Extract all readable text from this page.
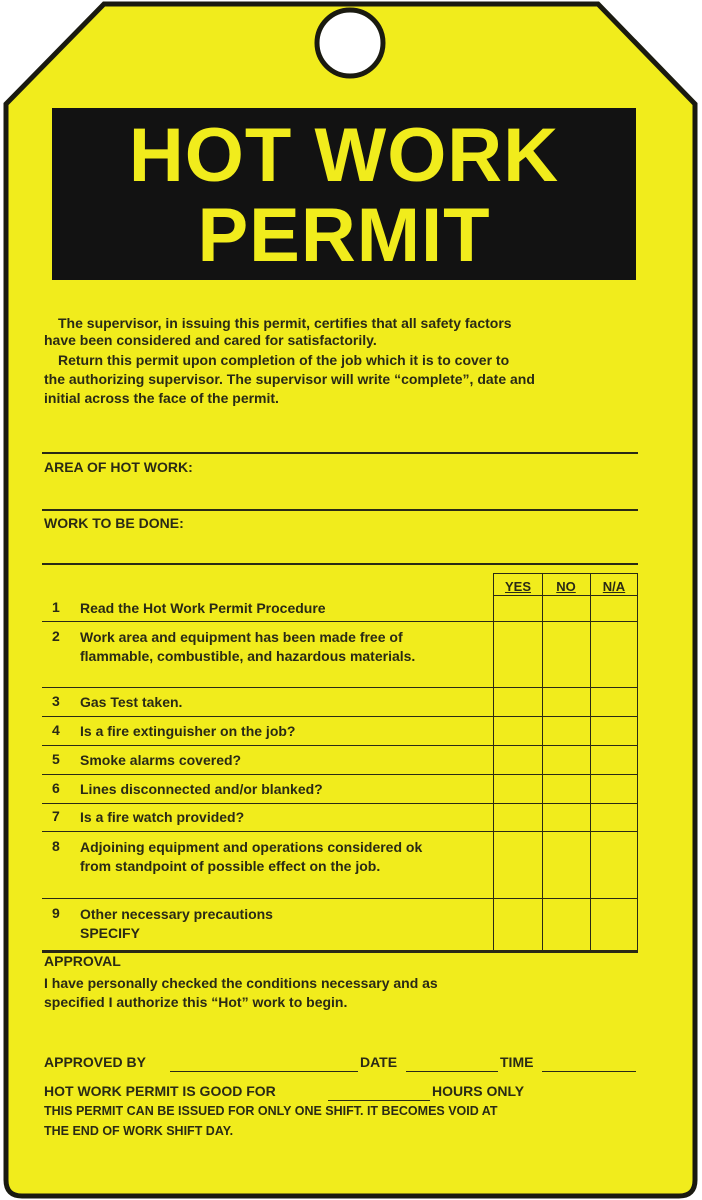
HOT WORK
PERMIT
The supervisor, in issuing this permit, certifies that all safety factors
have been considered and cared for satisfactorily.
Return this permit upon completion of the job which it is to cover to
the authorizing supervisor. The supervisor will write “complete”, date and
initial across the face of the permit.
AREA OF HOT WORK:
WORK TO BE DONE:
YES	NO	N/A
1 Read the Hot Work Permit Procedure
2 Work area and equipment has been made free of flammable, combustible, and hazardous materials.
3 Gas Test taken.
4 Is a fire extinguisher on the job?
5 Smoke alarms covered?
6 Lines disconnected and/or blanked?
7 Is a fire watch provided?
8 Adjoining equipment and operations considered ok from standpoint of possible effect on the job.
9 Other necessary precautions SPECIFY
APPROVAL
I have personally checked the conditions necessary and as
specified I authorize this “Hot” work to begin.
APPROVED BY	DATE	TIME
HOT WORK PERMIT IS GOOD FOR	HOURS ONLY
THIS PERMIT CAN BE ISSUED FOR ONLY ONE SHIFT. IT BECOMES VOID AT
THE END OF WORK SHIFT DAY.
